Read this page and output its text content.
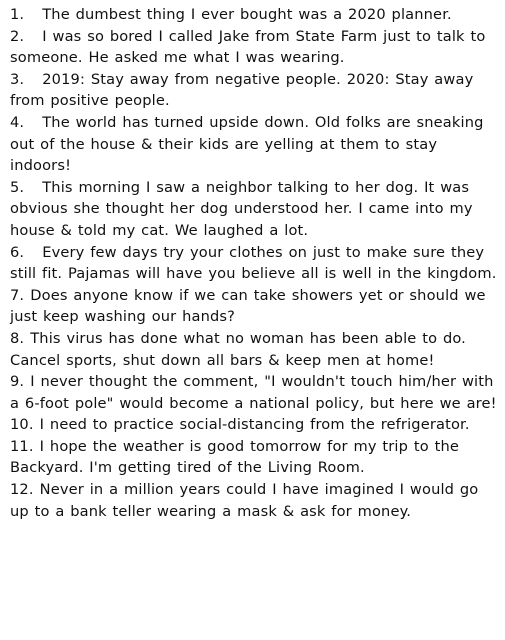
1. The dumbest thing I ever bought was a 2020 planner.
2. I was so bored I called Jake from State Farm just to talk to someone. He asked me what I was wearing.
3. 2019: Stay away from negative people. 2020: Stay away from positive people.
4. The world has turned upside down. Old folks are sneaking out of the house & their kids are yelling at them to stay indoors!
5. This morning I saw a neighbor talking to her dog. It was obvious she thought her dog understood her. I came into my house & told my cat. We laughed a lot.
6. Every few days try your clothes on just to make sure they still fit. Pajamas will have you believe all is well in the kingdom.
7. Does anyone know if we can take showers yet or should we just keep washing our hands?
8. This virus has done what no woman has been able to do. Cancel sports, shut down all bars & keep men at home!
9. I never thought the comment, "I wouldn't touch him/her with a 6-foot pole" would become a national policy, but here we are!
10. I need to practice social-distancing from the refrigerator.
11. I hope the weather is good tomorrow for my trip to the Backyard. I'm getting tired of the Living Room.
12. Never in a million years could I have imagined I would go up to a bank teller wearing a mask & ask for money.
